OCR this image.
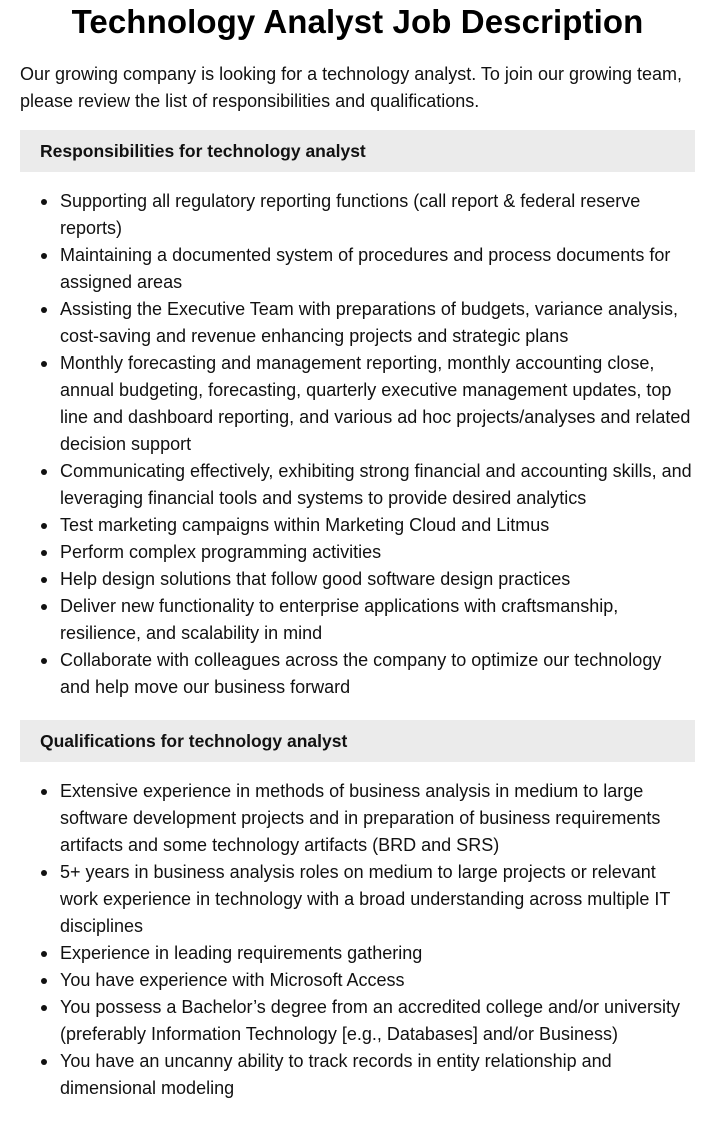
Technology Analyst Job Description

Our growing company is looking for a technology analyst. To join our growing team, please review the list of responsibilities and qualifications.

Responsibilities for technology analyst
Supporting all regulatory reporting functions (call report & federal reserve reports)
Maintaining a documented system of procedures and process documents for assigned areas
Assisting the Executive Team with preparations of budgets, variance analysis, cost-saving and revenue enhancing projects and strategic plans
Monthly forecasting and management reporting, monthly accounting close, annual budgeting, forecasting, quarterly executive management updates, top line and dashboard reporting, and various ad hoc projects/analyses and related decision support
Communicating effectively, exhibiting strong financial and accounting skills, and leveraging financial tools and systems to provide desired analytics
Test marketing campaigns within Marketing Cloud and Litmus
Perform complex programming activities
Help design solutions that follow good software design practices
Deliver new functionality to enterprise applications with craftsmanship, resilience, and scalability in mind
Collaborate with colleagues across the company to optimize our technology and help move our business forward
Qualifications for technology analyst
Extensive experience in methods of business analysis in medium to large software development projects and in preparation of business requirements artifacts and some technology artifacts (BRD and SRS)
5+ years in business analysis roles on medium to large projects or relevant work experience in technology with a broad understanding across multiple IT disciplines
Experience in leading requirements gathering
You have experience with Microsoft Access
You possess a Bachelor’s degree from an accredited college and/or university (preferably Information Technology [e.g., Databases] and/or Business)
You have an uncanny ability to track records in entity relationship and dimensional modeling
